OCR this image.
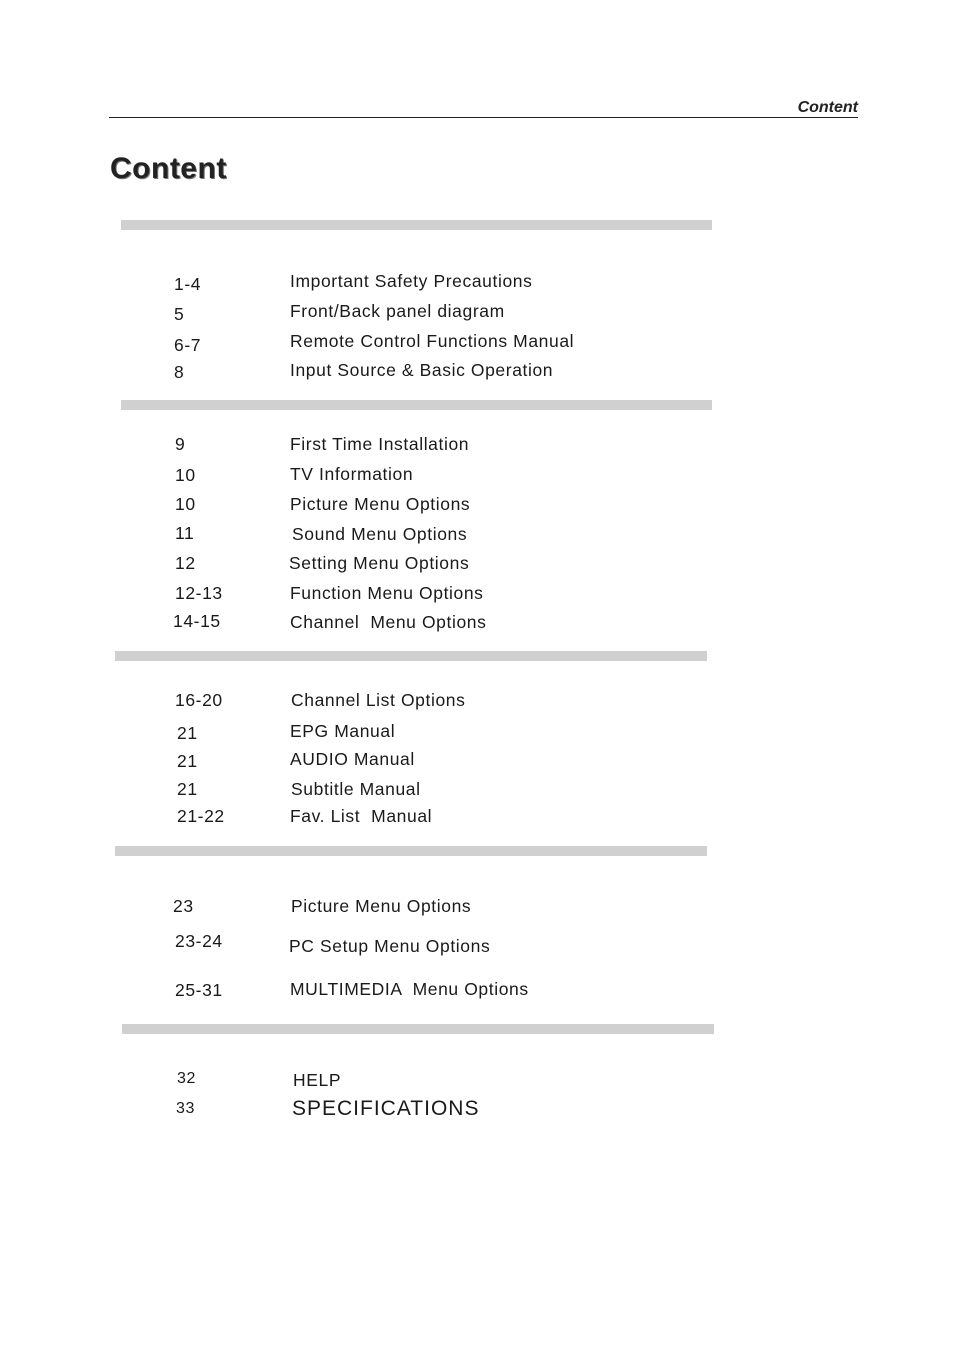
Content
Content
1-4	Important Safety Precautions
5	Front/Back panel diagram
6-7	Remote Control Functions Manual
8	Input Source & Basic Operation
9	First Time Installation
10	TV Information
10	Picture Menu Options
11	Sound Menu Options
12	Setting Menu Options
12-13	Function Menu Options
14-15	Channel  Menu Options
16-20	Channel List Options
21	EPG Manual
21	AUDIO Manual
21	Subtitle Manual
21-22	Fav. List  Manual
23	Picture Menu Options
23-24	PC Setup Menu Options
25-31	MULTIMEDIA  Menu Options
32	HELP
33	SPECIFICATIONS
